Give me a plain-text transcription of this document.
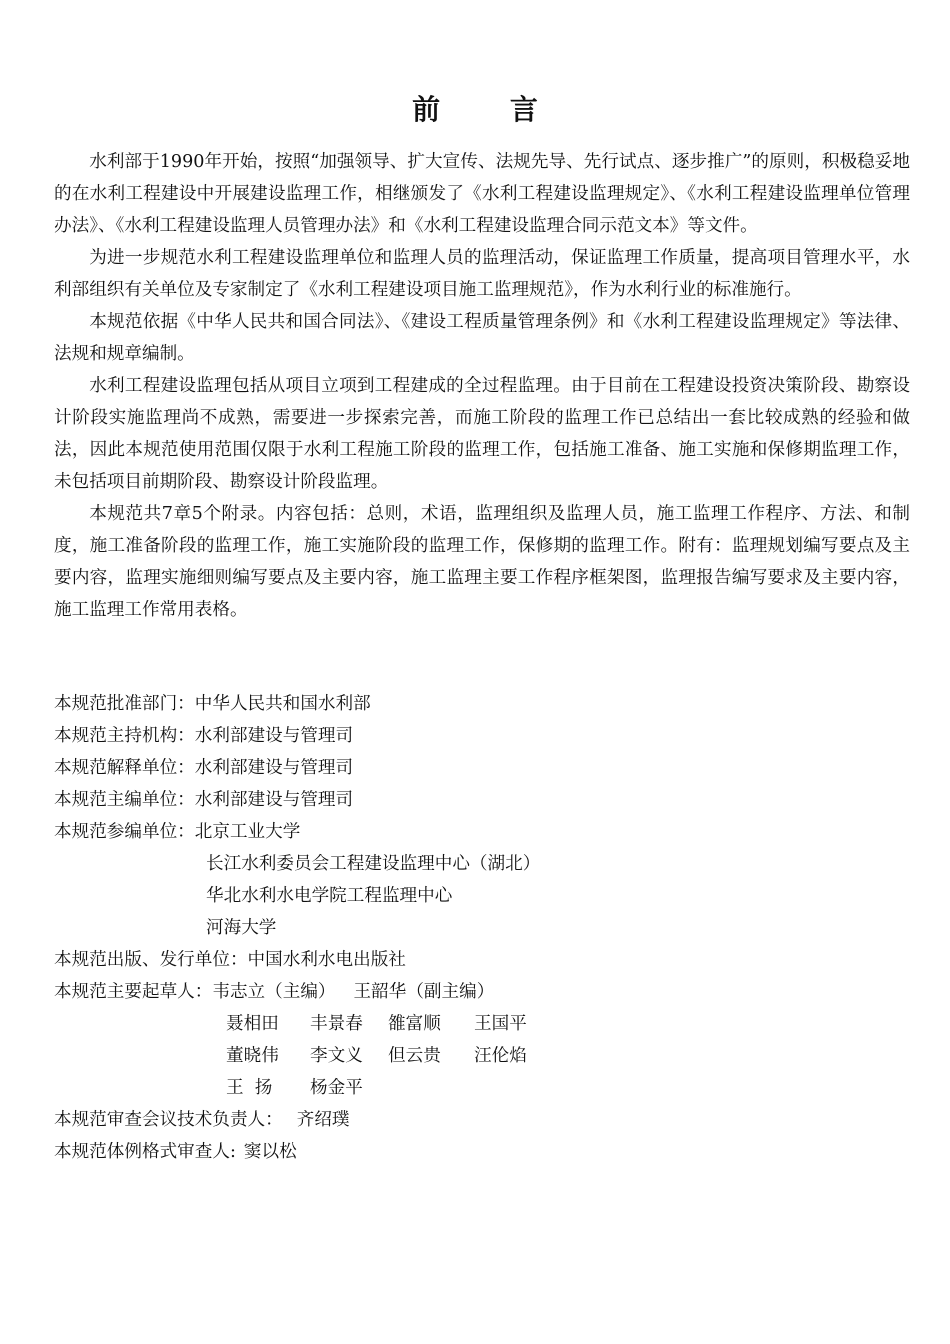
前 言

水利部于1990年开始，按照“加强领导、扩大宣传、法规先导、先行试点、逐步推广”的原则，积极稳妥地的在水利工程建设中开展建设监理工作，相继颁发了《水利工程建设监理规定》、《水利工程建设监理单位管理办法》、《水利工程建设监理人员管理办法》和《水利工程建设监理合同示范文本》等文件。

为进一步规范水利工程建设监理单位和监理人员的监理活动，保证监理工作质量，提高项目管理水平，水利部组织有关单位及专家制定了《水利工程建设项目施工监理规范》，作为水利行业的标准施行。

本规范依据《中华人民共和国合同法》、《建设工程质量管理条例》和《水利工程建设监理规定》等法律、法规和规章编制。

水利工程建设监理包括从项目立项到工程建成的全过程监理。由于目前在工程建设投资决策阶段、勘察设计阶段实施监理尚不成熟，需要进一步探索完善，而施工阶段的监理工作已总结出一套比较成熟的经验和做法，因此本规范使用范围仅限于水利工程施工阶段的监理工作，包括施工准备、施工实施和保修期监理工作，未包括项目前期阶段、勘察设计阶段监理。

本规范共7章5个附录。内容包括：总则，术语，监理组织及监理人员，施工监理工作程序、方法、和制度，施工准备阶段的监理工作，施工实施阶段的监理工作，保修期的监理工作。附有：监理规划编写要点及主要内容，监理实施细则编写要点及主要内容，施工监理主要工作程序框架图，监理报告编写要求及主要内容，施工监理工作常用表格。

本规范批准部门： 中华人民共和国水利部
本规范主持机构： 水利部建设与管理司
本规范解释单位： 水利部建设与管理司
本规范主编单位： 水利部建设与管理司
本规范参编单位： 北京工业大学
长江水利委员会工程建设监理中心（湖北）
华北水利水电学院工程监理中心
河海大学
本规范出版、发行单位： 中国水利水电出版社
本规范主要起草人： 韦志立（主编）	王韶华（副主编）
聂相田	丰景春	雒富顺	王国平
董晓伟	李文义	但云贵	汪伦焰
王  扬	杨金平
本规范审查会议技术负责人： 齐绍璞
本规范体例格式审查人: 窦以松
